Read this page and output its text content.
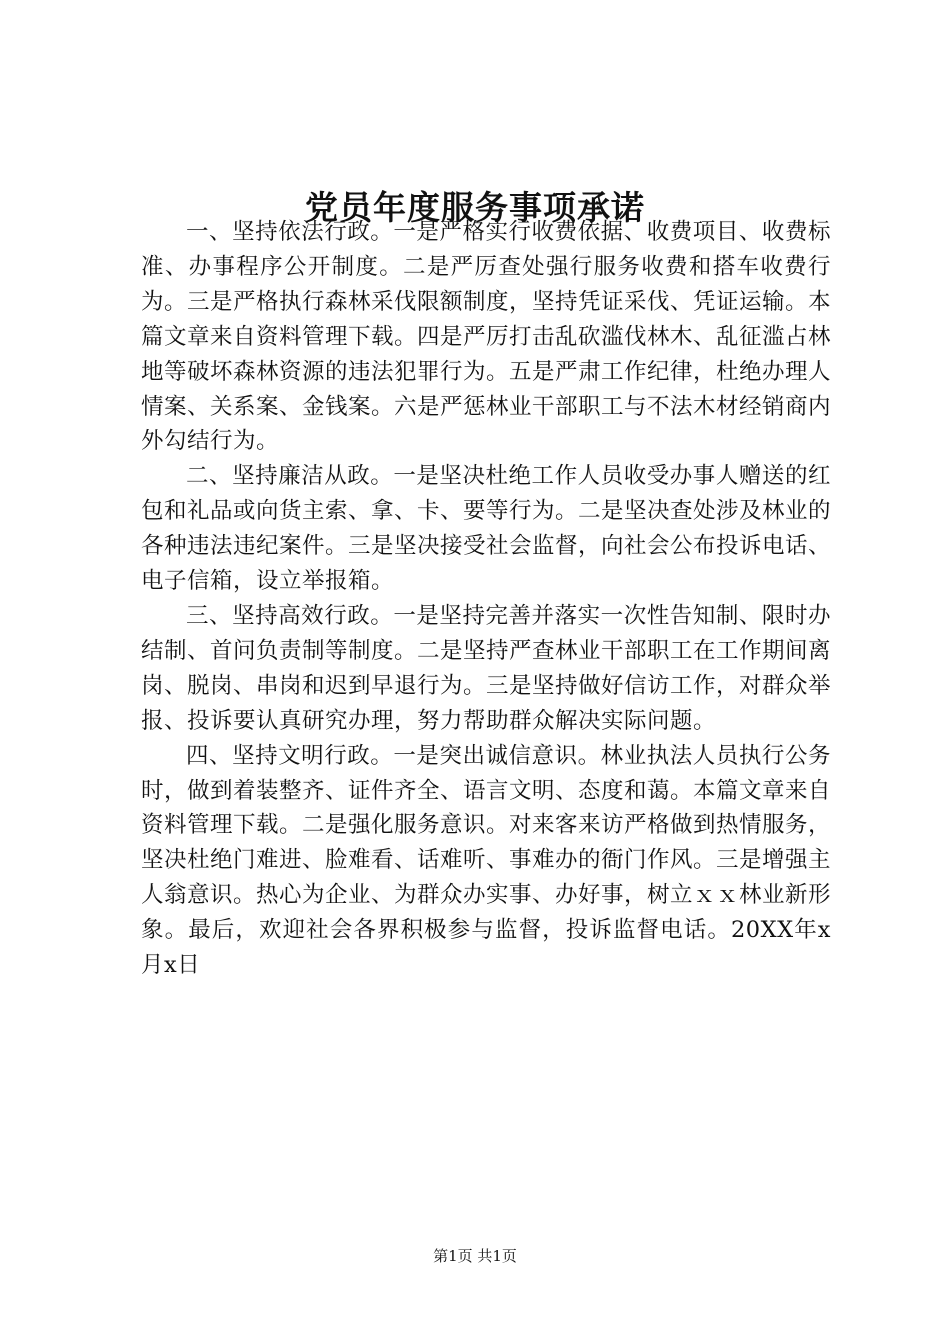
党员年度服务事项承诺

一、坚持依法行政。一是严格实行收费依据、收费项目、收费标准、办事程序公开制度。二是严厉查处强行服务收费和搭车收费行为。三是严格执行森林采伐限额制度，坚持凭证采伐、凭证运输。本篇文章来自资料管理下载。四是严厉打击乱砍滥伐林木、乱征滥占林地等破坏森林资源的违法犯罪行为。五是严肃工作纪律，杜绝办理人情案、关系案、金钱案。六是严惩林业干部职工与不法木材经销商内外勾结行为。

二、坚持廉洁从政。一是坚决杜绝工作人员收受办事人赠送的红包和礼品或向货主索、拿、卡、要等行为。二是坚决查处涉及林业的各种违法违纪案件。三是坚决接受社会监督，向社会公布投诉电话、电子信箱，设立举报箱。

三、坚持高效行政。一是坚持完善并落实一次性告知制、限时办结制、首问负责制等制度。二是坚持严查林业干部职工在工作期间离岗、脱岗、串岗和迟到早退行为。三是坚持做好信访工作，对群众举报、投诉要认真研究办理，努力帮助群众解决实际问题。

四、坚持文明行政。一是突出诚信意识。林业执法人员执行公务时，做到着装整齐、证件齐全、语言文明、态度和蔼。本篇文章来自资料管理下载。二是强化服务意识。对来客来访严格做到热情服务，坚决杜绝门难进、脸难看、话难听、事难办的衙门作风。三是增强主人翁意识。热心为企业、为群众办实事、办好事，树立ｘｘ林业新形象。最后，欢迎社会各界积极参与监督，投诉监督电话。20XX年x月x日

第1页 共1页
